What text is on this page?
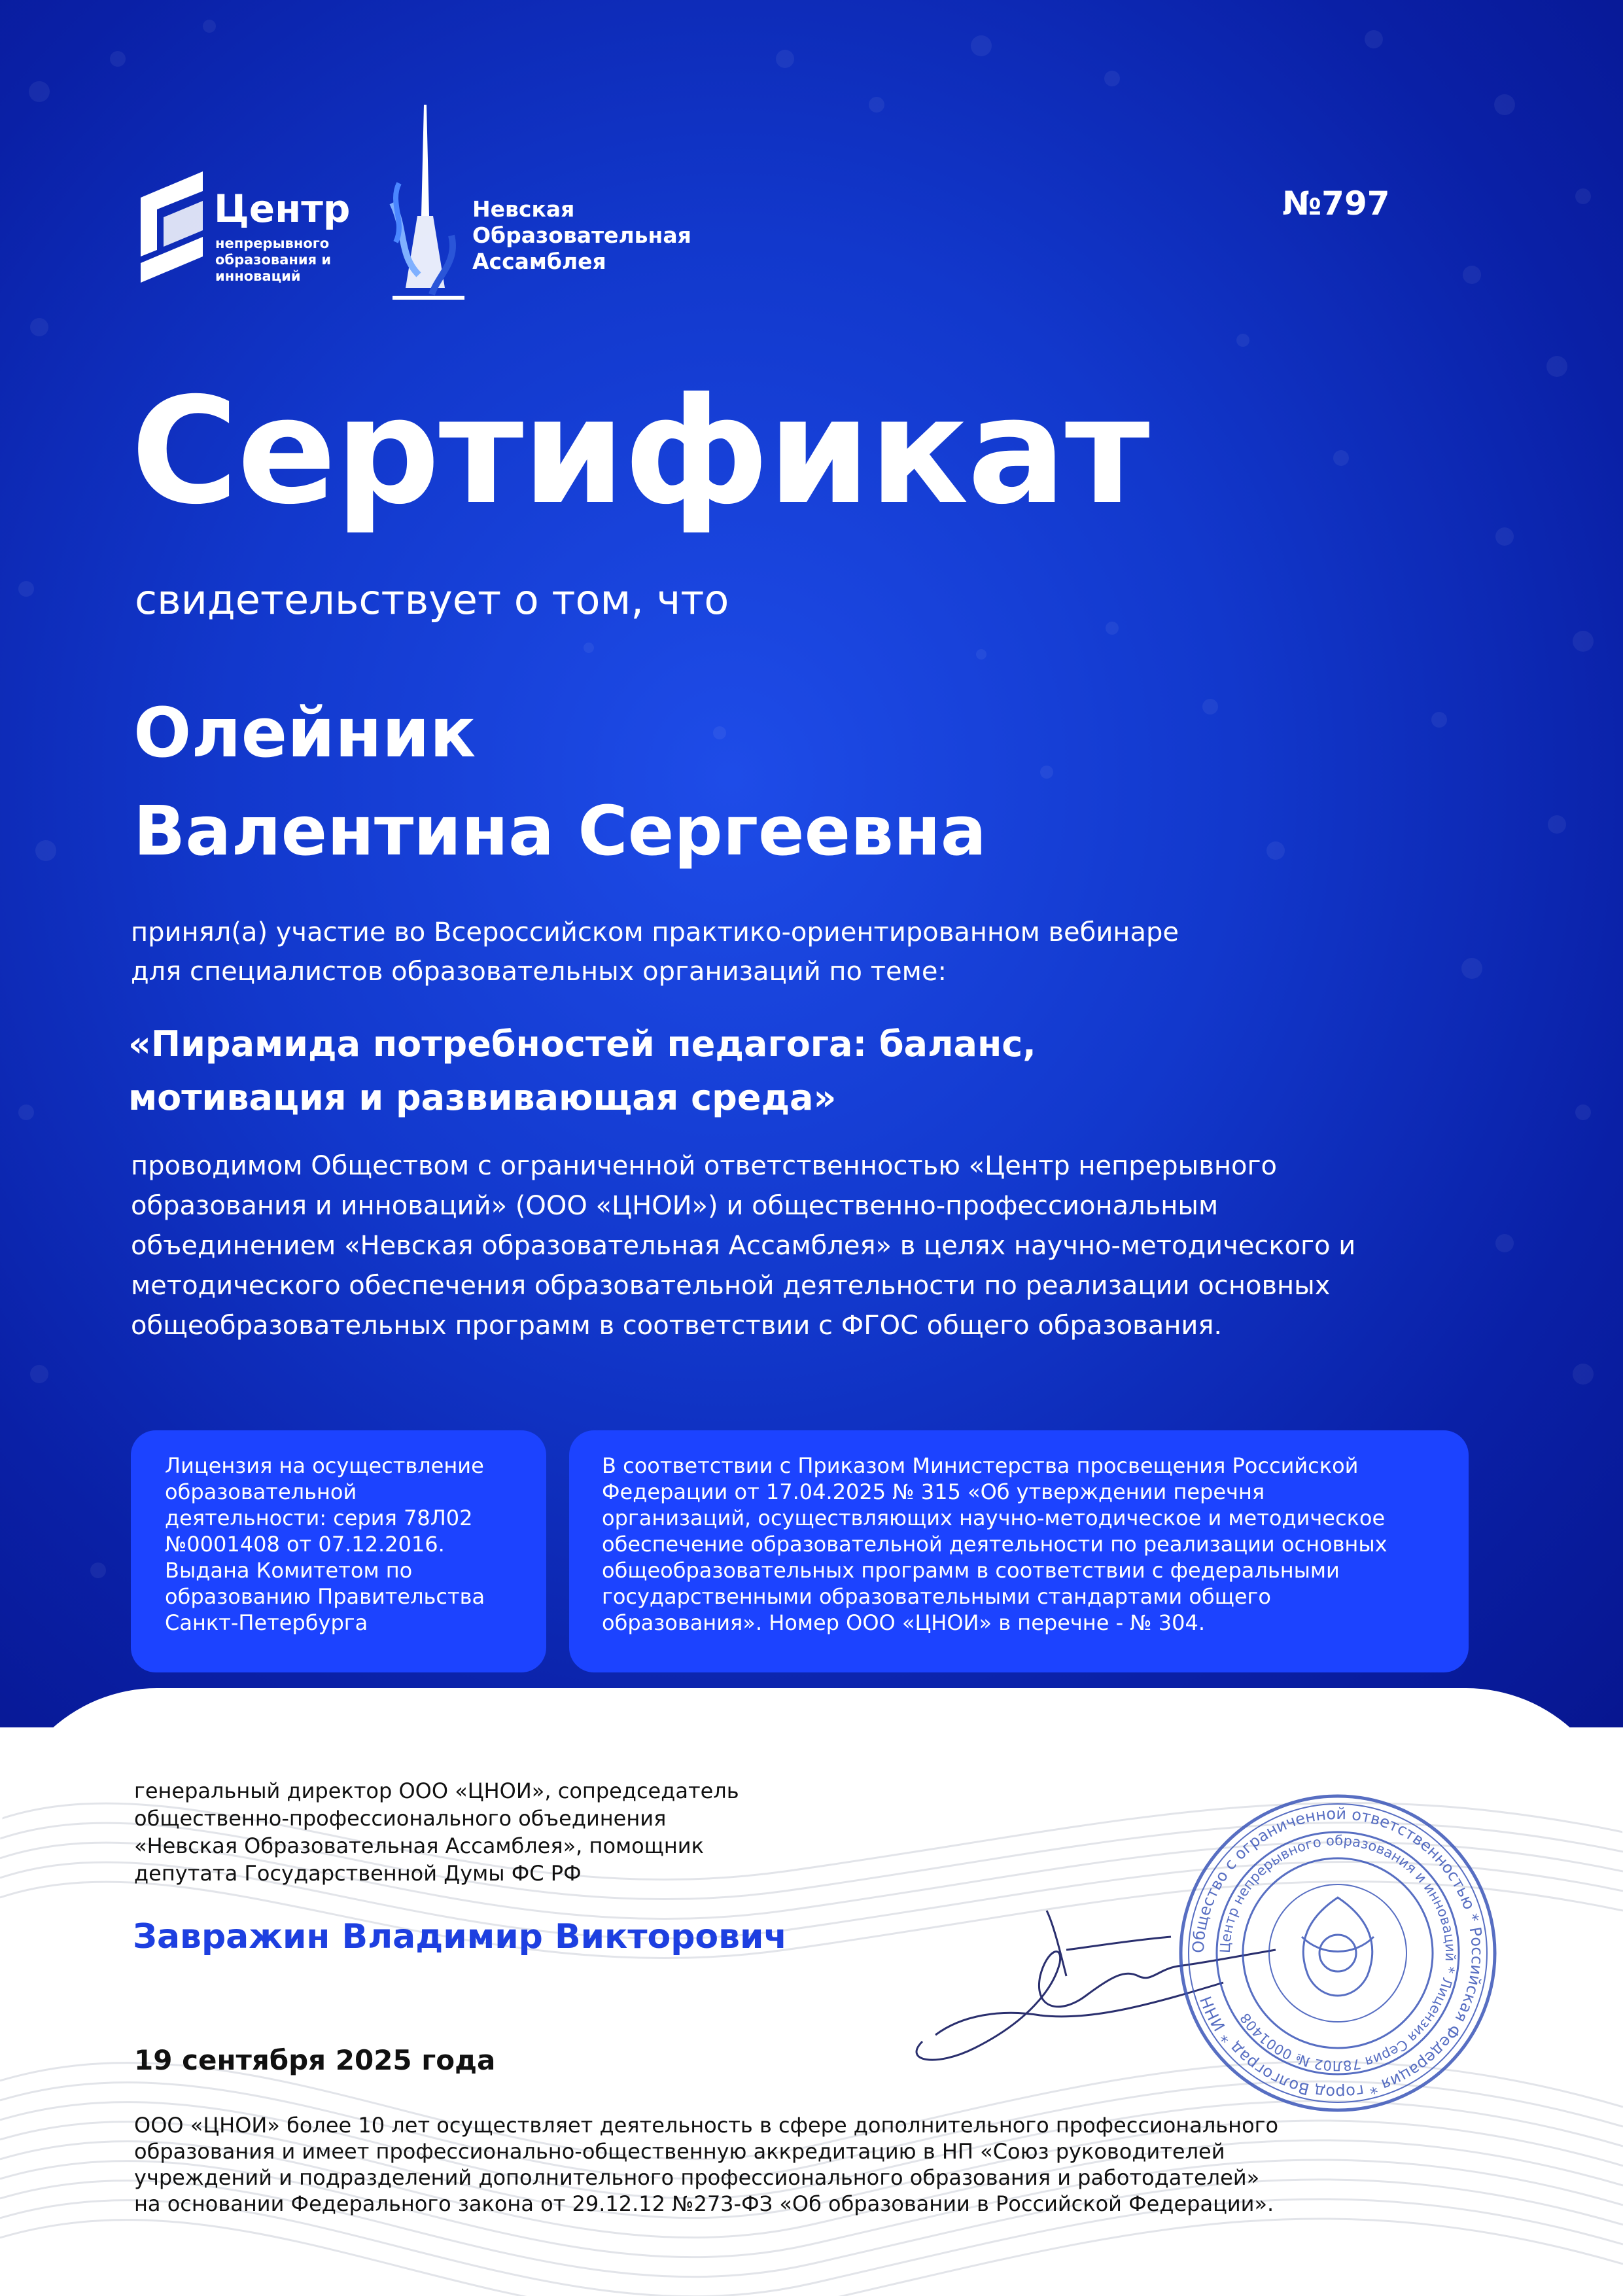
Центр
непрерывного образования и инноваций
Невская
Образовательная
Ассамблея
№797
Сертификат
свидетельствует о том, что
Олейник
Валентина Сергеевна
принял(а) участие во Всероссийском практико-ориентированном вебинаре
для специалистов образовательных организаций по теме:
«Пирамида потребностей педагога: баланс,
мотивация и развивающая среда»
проводимом Обществом с ограниченной ответственностью «Центр непрерывного
образования и инноваций» (ООО «ЦНОИ») и общественно-профессиональным
объединением «Невская образовательная Ассамблея» в целях научно-методического и
методического обеспечения образовательной деятельности по реализации основных
общеобразовательных программ в соответствии с ФГОС общего образования.
Лицензия на осуществление
образовательной
деятельности: серия 78Л02
№0001408 от 07.12.2016.
Выдана Комитетом по
образованию Правительства
Санкт-Петербурга
В соответствии с Приказом Министерства просвещения Российской
Федерации от 17.04.2025 № 315 «Об утверждении перечня
организаций, осуществляющих научно-методическое и методическое
обеспечение образовательной деятельности по реализации основных
общеобразовательных программ в соответствии с федеральными
государственными образовательными стандартами общего
образования». Номер ООО «ЦНОИ» в перечне - № 304.
генеральный директор ООО «ЦНОИ», сопредседатель
общественно-профессионального объединения
«Невская Образовательная Ассамблея», помощник
депутата Государственной Думы ФС РФ
Завражин Владимир Викторович	Общество с ограниченной ответственностью * Российская Федерация * город Волгоград * ИНН
Центр непрерывного образования и инноваций * Лицензия Серия 78Л02 № 0001408
19 сентября 2025 года
ООО «ЦНОИ» более 10 лет осуществляет деятельность в сфере дополнительного профессионального
образования и имеет профессионально-общественную аккредитацию в НП «Союз руководителей
учреждений и подразделений дополнительного профессионального образования и работодателей»
на основании Федерального закона от 29.12.12 №273-ФЗ «Об образовании в Российской Федерации».
